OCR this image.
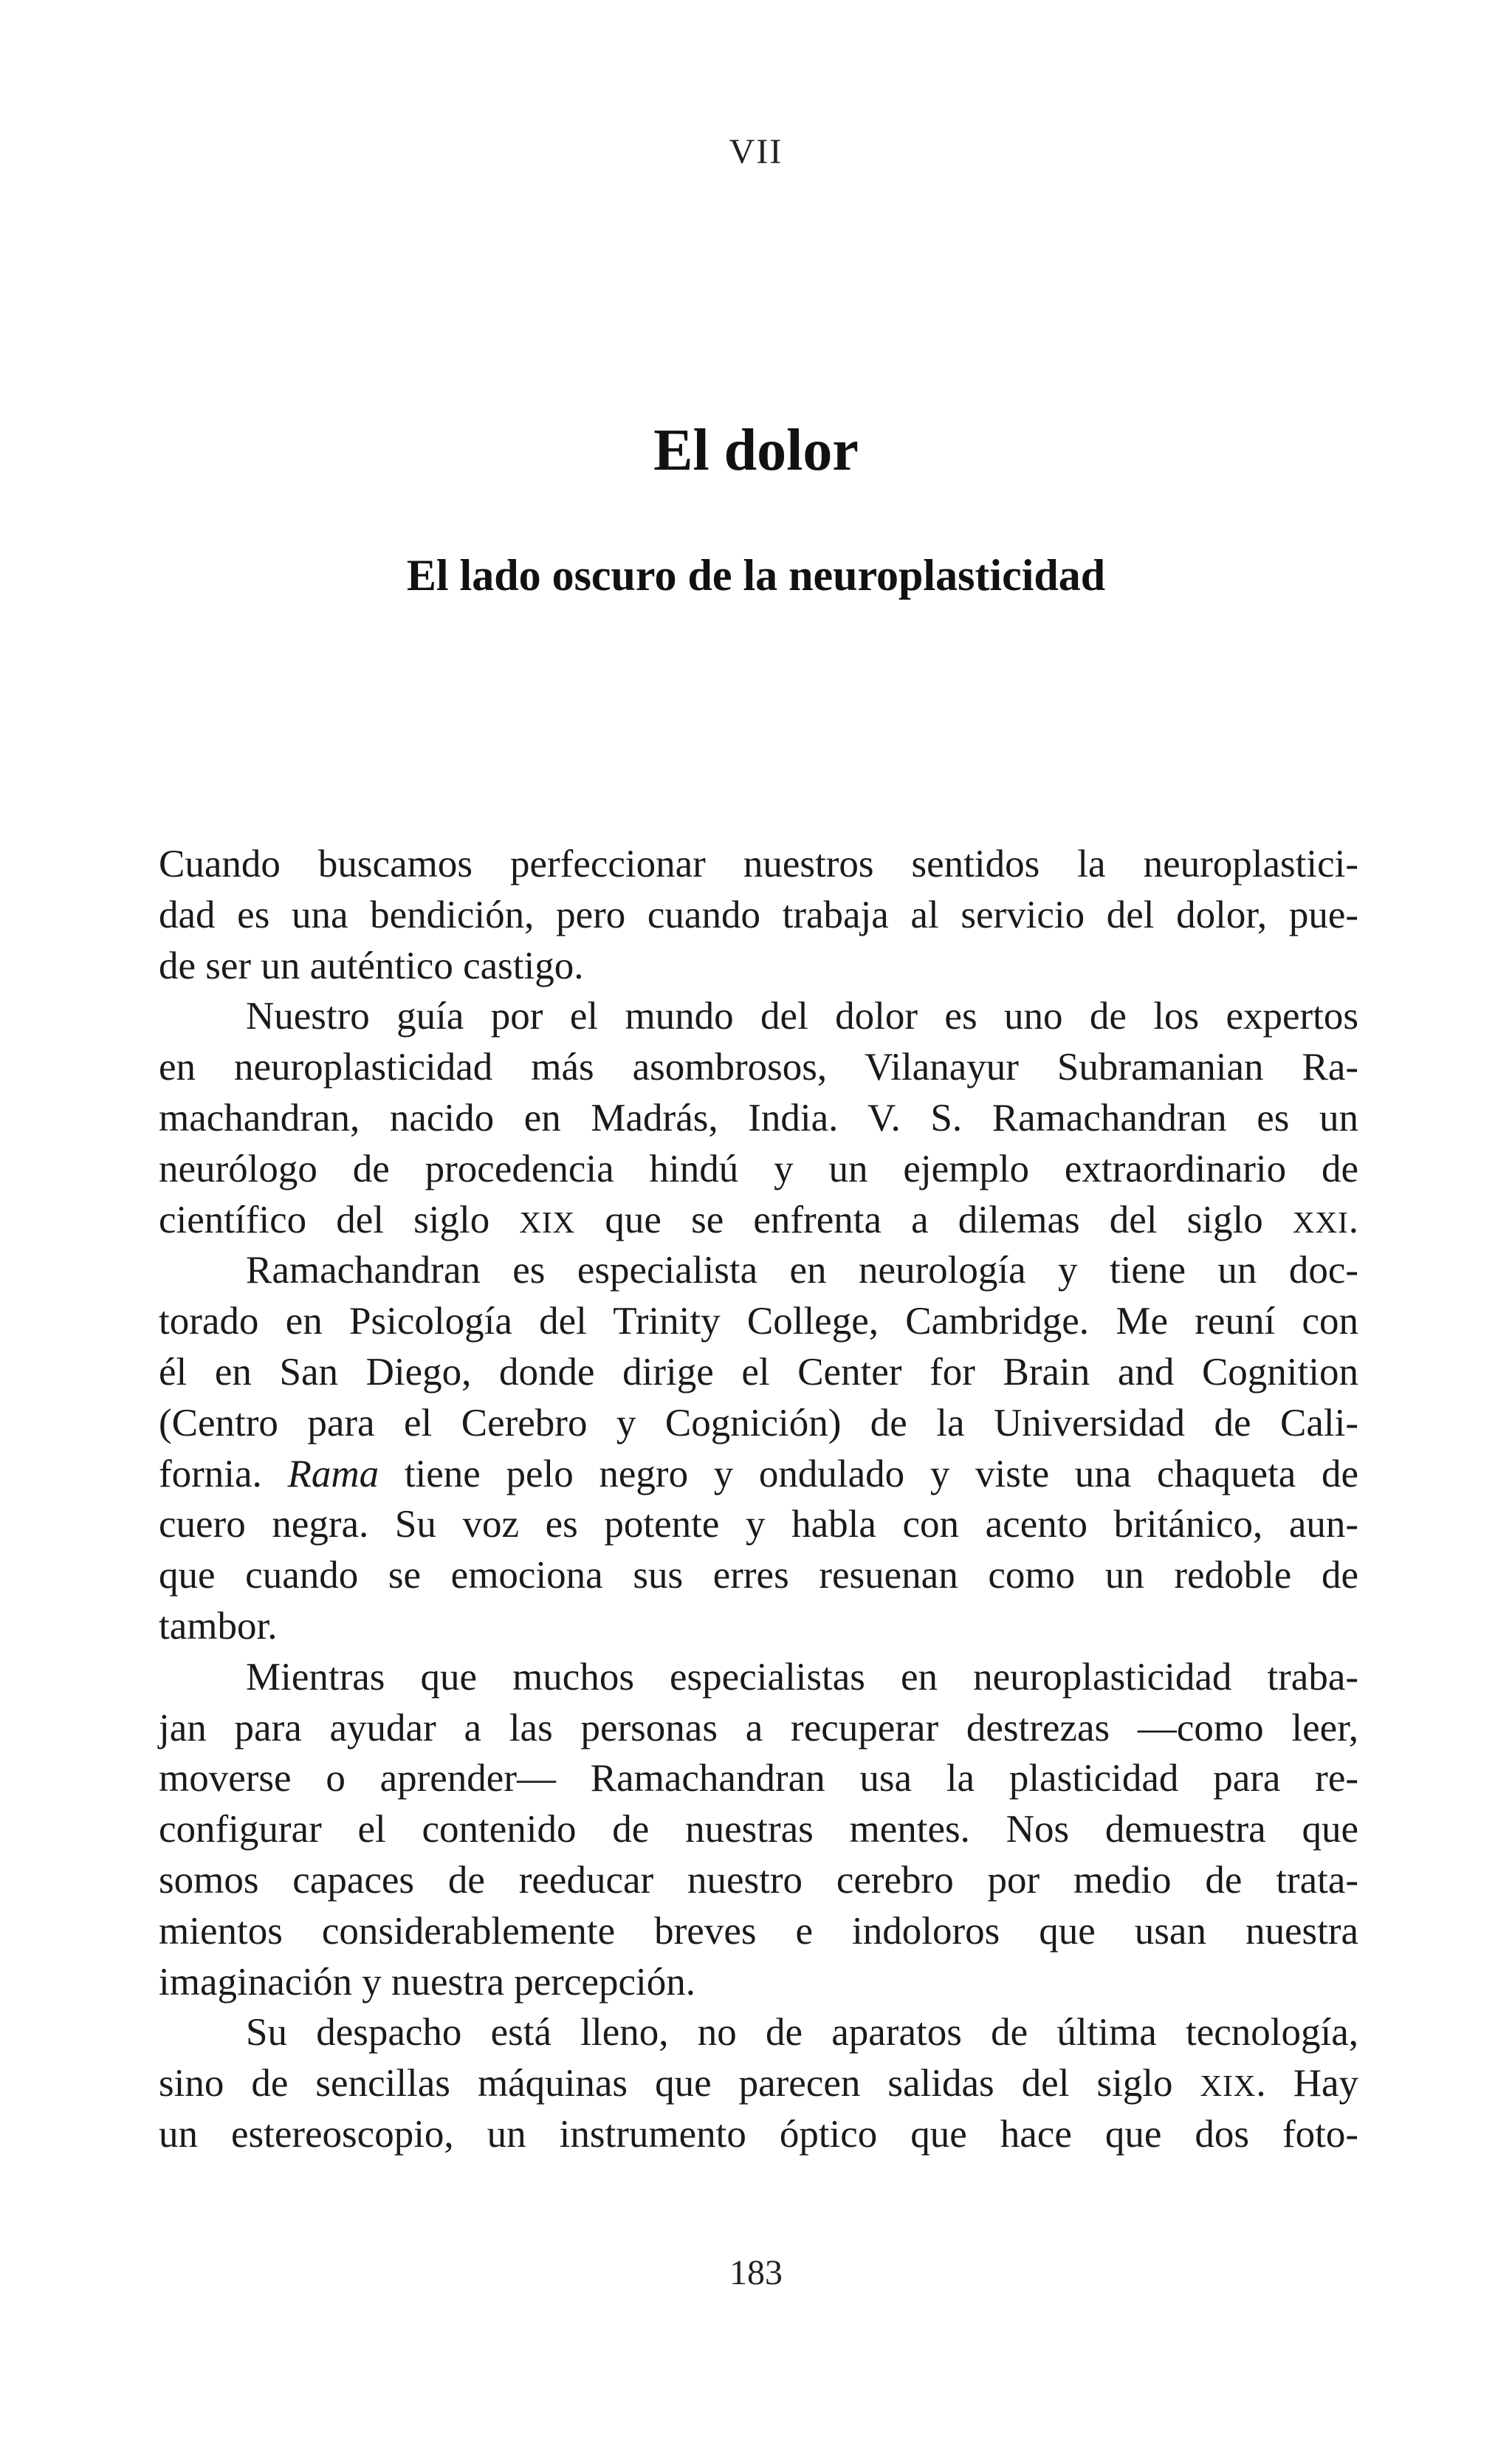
VII
El dolor
El lado oscuro de la neuroplasticidad
Cuando buscamos perfeccionar nuestros sentidos la neuroplastici-
dad es una bendición, pero cuando trabaja al servicio del dolor, pue-
de ser un auténtico castigo.
Nuestro guía por el mundo del dolor es uno de los expertos
en neuroplasticidad más asombrosos, Vilanayur Subramanian Ra-
machandran, nacido en Madrás, India. V. S. Ramachandran es un
neurólogo de procedencia hindú y un ejemplo extraordinario de
científico del siglo XIX que se enfrenta a dilemas del siglo XXI.
Ramachandran es especialista en neurología y tiene un doc-
torado en Psicología del Trinity College, Cambridge. Me reuní con
él en San Diego, donde dirige el Center for Brain and Cognition
(Centro para el Cerebro y Cognición) de la Universidad de Cali-
fornia. Rama tiene pelo negro y ondulado y viste una chaqueta de
cuero negra. Su voz es potente y habla con acento británico, aun-
que cuando se emociona sus erres resuenan como un redoble de
tambor.
Mientras que muchos especialistas en neuroplasticidad traba-
jan para ayudar a las personas a recuperar destrezas —como leer,
moverse o aprender— Ramachandran usa la plasticidad para re-
configurar el contenido de nuestras mentes. Nos demuestra que
somos capaces de reeducar nuestro cerebro por medio de trata-
mientos considerablemente breves e indoloros que usan nuestra
imaginación y nuestra percepción.
Su despacho está lleno, no de aparatos de última tecnología,
sino de sencillas máquinas que parecen salidas del siglo XIX. Hay
un estereoscopio, un instrumento óptico que hace que dos foto-
183
